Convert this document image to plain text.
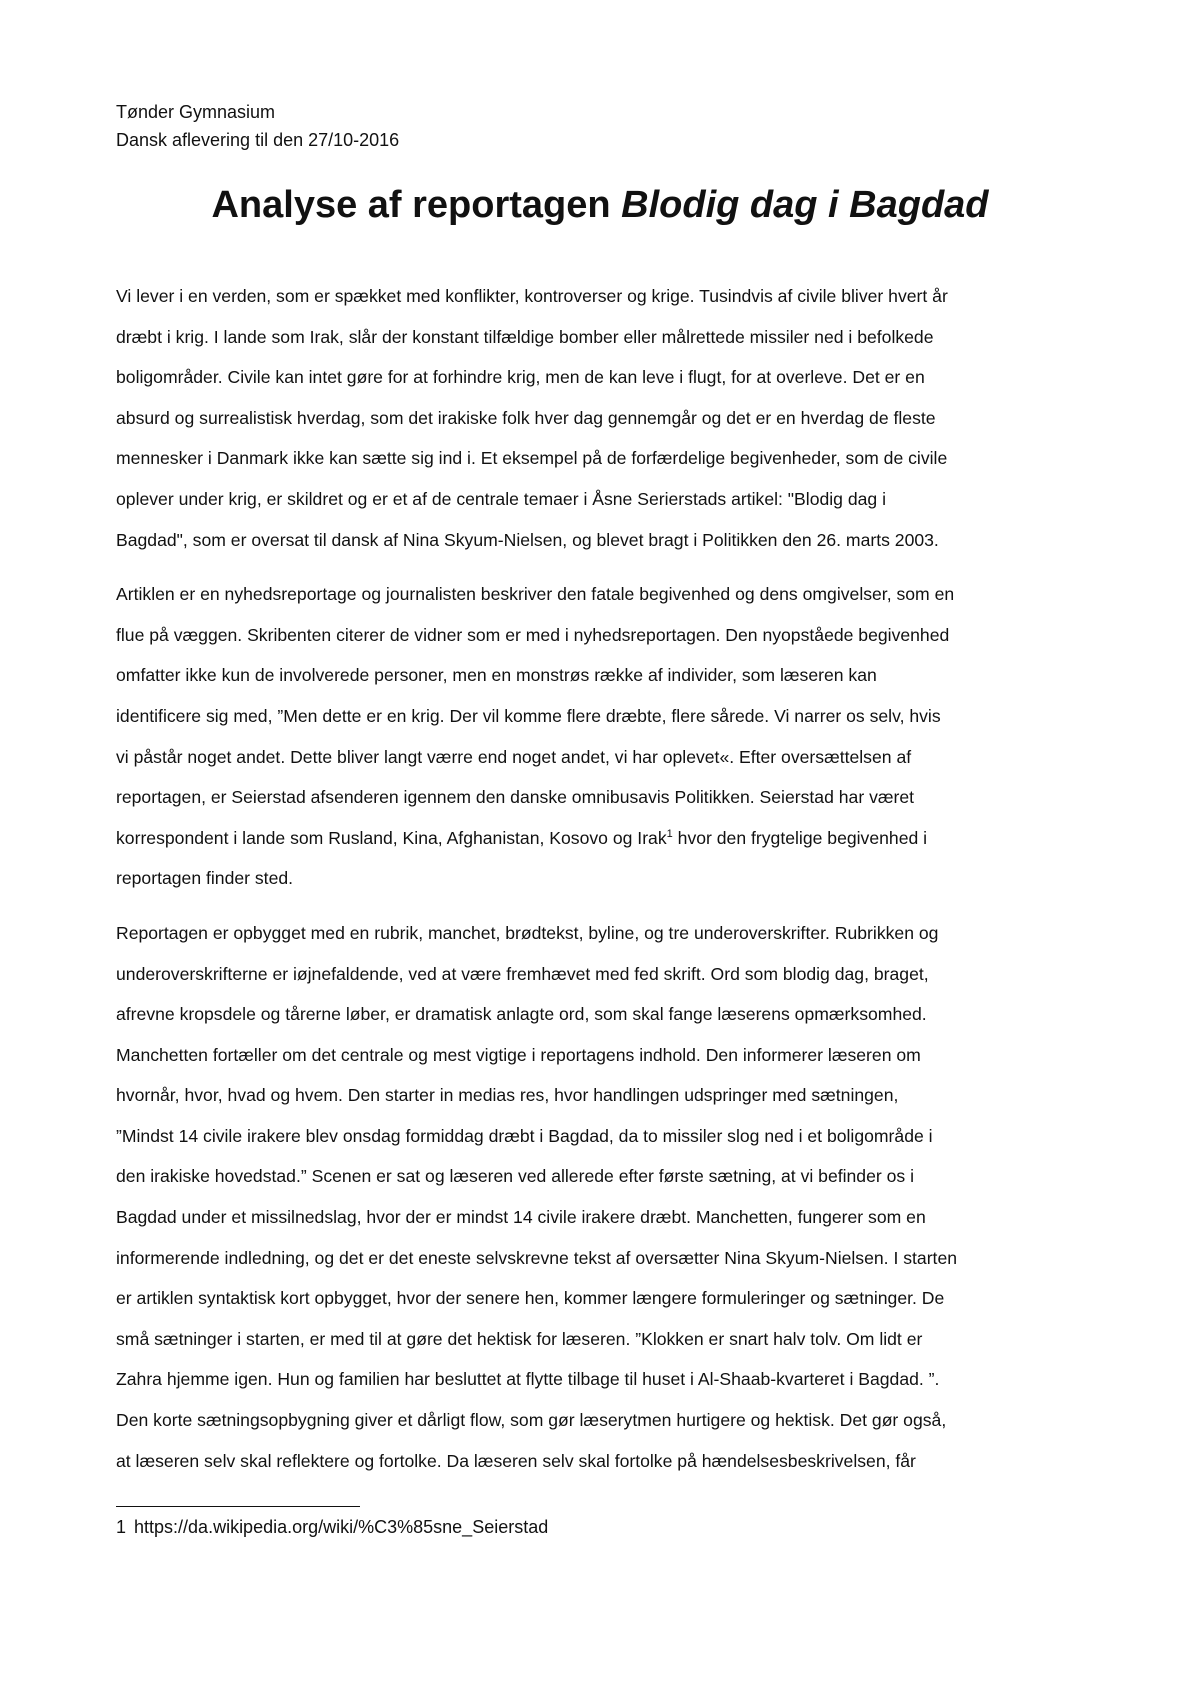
Tønder Gymnasium
Dansk aflevering til den 27/10-2016
Analyse af reportagen Blodig dag i Bagdad

Vi lever i en verden, som er spækket med konflikter, kontroverser og krige. Tusindvis af civile bliver hvert år
dræbt i krig. I lande som Irak, slår der konstant tilfældige bomber eller målrettede missiler ned i befolkede
boligområder. Civile kan intet gøre for at forhindre krig, men de kan leve i flugt, for at overleve. Det er en
absurd og surrealistisk hverdag, som det irakiske folk hver dag gennemgår og det er en hverdag de fleste
mennesker i Danmark ikke kan sætte sig ind i. Et eksempel på de forfærdelige begivenheder, som de civile
oplever under krig, er skildret og er et af de centrale temaer i Åsne Serierstads artikel: "Blodig dag i
Bagdad", som er oversat til dansk af Nina Skyum-Nielsen, og blevet bragt i Politikken den 26. marts 2003.

Artiklen er en nyhedsreportage og journalisten beskriver den fatale begivenhed og dens omgivelser, som en
flue på væggen. Skribenten citerer de vidner som er med i nyhedsreportagen. Den nyopståede begivenhed
omfatter ikke kun de involverede personer, men en monstrøs række af individer, som læseren kan
identificere sig med, ”Men dette er en krig. Der vil komme flere dræbte, flere sårede. Vi narrer os selv, hvis
vi påstår noget andet. Dette bliver langt værre end noget andet, vi har oplevet«. Efter oversættelsen af
reportagen, er Seierstad afsenderen igennem den danske omnibusavis Politikken. Seierstad har været
korrespondent i lande som Rusland, Kina, Afghanistan, Kosovo og Irak$^1$ hvor den frygtelige begivenhed i
reportagen finder sted.

Reportagen er opbygget med en rubrik, manchet, brødtekst, byline, og tre underoverskrifter. Rubrikken og
underoverskrifterne er iøjnefaldende, ved at være fremhævet med fed skrift. Ord som blodig dag, braget,
afrevne kropsdele og tårerne løber, er dramatisk anlagte ord, som skal fange læserens opmærksomhed.
Manchetten fortæller om det centrale og mest vigtige i reportagens indhold. Den informerer læseren om
hvornår, hvor, hvad og hvem. Den starter in medias res, hvor handlingen udspringer med sætningen,
”Mindst 14 civile irakere blev onsdag formiddag dræbt i Bagdad, da to missiler slog ned i et boligområde i
den irakiske hovedstad.” Scenen er sat og læseren ved allerede efter første sætning, at vi befinder os i
Bagdad under et missilnedslag, hvor der er mindst 14 civile irakere dræbt. Manchetten, fungerer som en
informerende indledning, og det er det eneste selvskrevne tekst af oversætter Nina Skyum-Nielsen. I starten
er artiklen syntaktisk kort opbygget, hvor der senere hen, kommer længere formuleringer og sætninger. De
små sætninger i starten, er med til at gøre det hektisk for læseren. ”Klokken er snart halv tolv. Om lidt er
Zahra hjemme igen. Hun og familien har besluttet at flytte tilbage til huset i Al-Shaab-kvarteret i Bagdad. ”.
Den korte sætningsopbygning giver et dårligt flow, som gør læserytmen hurtigere og hektisk. Det gør også,
at læseren selv skal reflektere og fortolke. Da læseren selv skal fortolke på hændelsesbeskrivelsen, får

1 https://da.wikipedia.org/wiki/%C3%85sne_Seierstad
